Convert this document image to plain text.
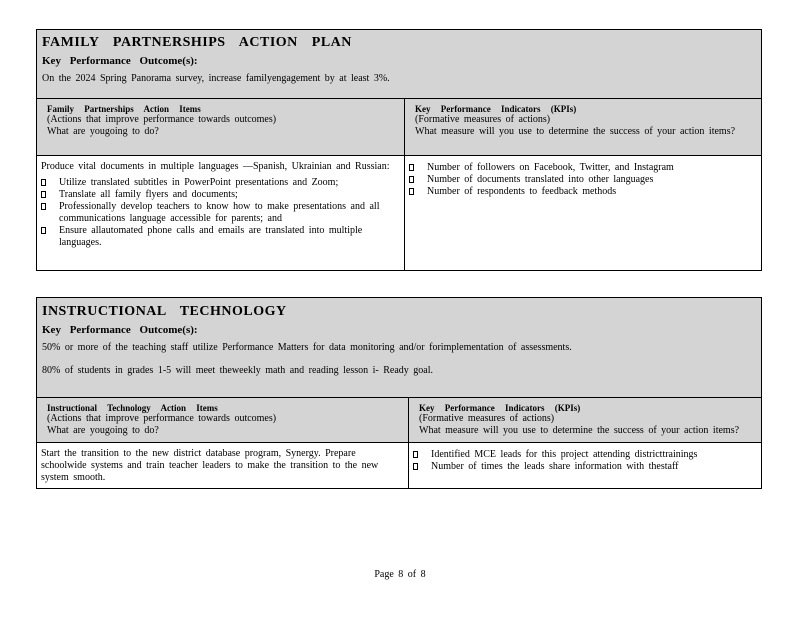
FAMILY PARTNERSHIPS ACTION PLAN
Key Performance Outcome(s):
On the 2024 Spring Panorama survey, increase familyengagement by at least 3%.
Family Partnerships Action Items
(Actions that improve performance towards outcomes)
What are yougoing to do?
Key Performance Indicators (KPIs)
(Formative measures of actions)
What measure will you use to determine the success of your action items?
Produce vital documents in multiple languages —Spanish, Ukrainian and Russian:
Utilize translated subtitles in PowerPoint presentations and Zoom;
Translate all family flyers and documents;
Professionally develop teachers to know how to make presentations and all communications language accessible for parents; and
Ensure allautomated phone calls and emails are translated into multiple languages.
Number of followers on Facebook, Twitter, and Instagram
Number of documents translated into other languages
Number of respondents to feedback methods
INSTRUCTIONAL TECHNOLOGY
Key Performance Outcome(s):
50% or more of the teaching staff utilize Performance Matters for data monitoring and/or forimplementation of assessments.
80% of students in grades 1-5 will meet theweekly math and reading lesson i- Ready goal.
Instructional Technology Action Items
(Actions that improve performance towards outcomes)
What are yougoing to do?
Key Performance Indicators (KPIs)
(Formative measures of actions)
What measure will you use to determine the success of your action items?
Start the transition to the new district database program, Synergy. Prepare schoolwide systems and train teacher leaders to make the transition to the new system smooth.
Identified MCE leads for this project attending districttrainings
Number of times the leads share information with thestaff
Page 8 of 8
